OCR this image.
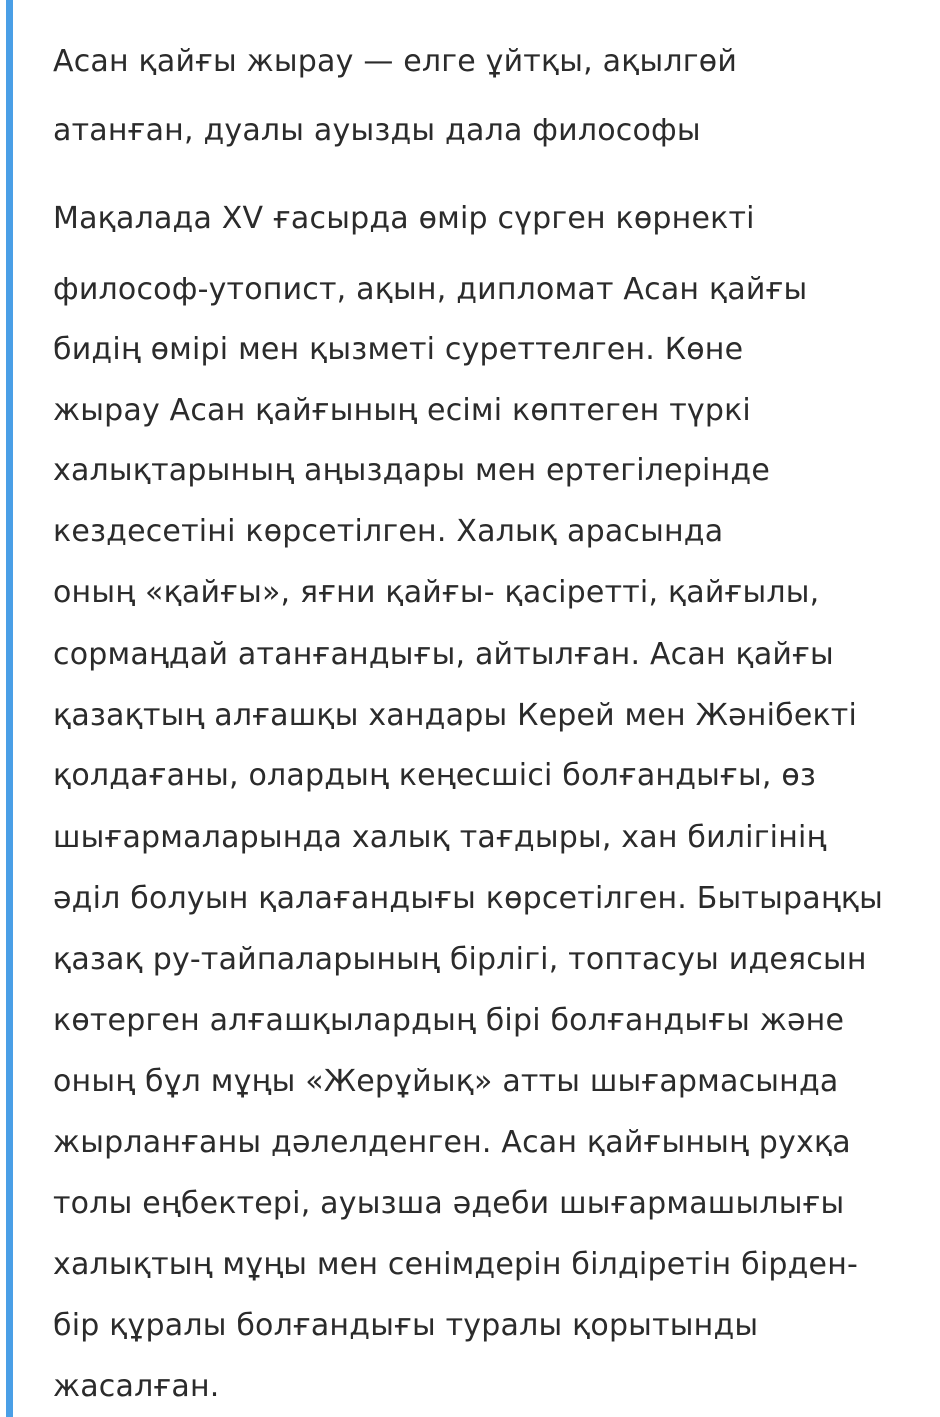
Асан қайғы жырау — елге ұйтқы, ақылгөй
атанған, дуалы ауызды дала философы
Мақалада XV ғасырда өмір сүрген көрнекті
философ-утопист, ақын, дипломат Асан қайғы
бидің өмірі мен қызметі суреттелген. Көне
жырау Асан қайғының есімі көптеген түркі
халықтарының аңыздары мен ертегілерінде
кездесетіні көрсетілген. Халық арасында
оның «қайғы», яғни қайғы- қасіретті, қайғылы,
сормаңдай атанғандығы, айтылған. Асан қайғы
қазақтың алғашқы хандары Керей мен Жәнібекті
қолдағаны, олардың кеңесшісі болғандығы, өз
шығармаларында халық тағдыры, хан билігінің
әділ болуын қалағандығы көрсетілген. Бытыраңқы
қазақ ру-тайпаларының бірлігі, топтасуы идеясын
көтерген алғашқылардың бірі болғандығы және
оның бұл мұңы «Жерұйық» атты шығармасында
жырланғаны дәлелденген. Асан қайғының рухқа
толы еңбектері, ауызша әдеби шығармашылығы
халықтың мұңы мен сенімдерін білдіретін бірден-
бір құралы болғандығы туралы қорытынды
жасалған.
